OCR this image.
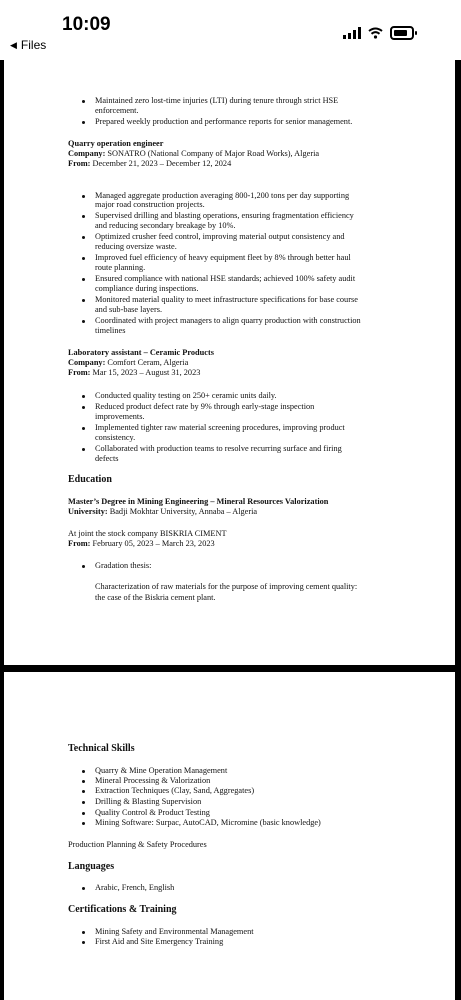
10:09
◀ Files
Maintained zero lost-time injuries (LTI) during tenure through strict HSE
enforcement.
Prepared weekly production and performance reports for senior management.
Quarry operation engineer
Company: SONATRO (National Company of Major Road Works), Algeria
From: December 21, 2023 – December 12, 2024
Managed aggregate production averaging 800-1,200 tons per day supporting
major road construction projects.
Supervised drilling and blasting operations, ensuring fragmentation efficiency
and reducing secondary breakage by 10%.
Optimized crusher feed control, improving material output consistency and
reducing oversize waste.
Improved fuel efficiency of heavy equipment fleet by 8% through better haul
route planning.
Ensured compliance with national HSE standards; achieved 100% safety audit
compliance during inspections.
Monitored material quality to meet infrastructure specifications for base course
and sub-base layers.
Coordinated with project managers to align quarry production with construction
timelines
Laboratory assistant – Ceramic Products
Company: Comfort Ceram, Algeria
From: Mar 15, 2023 – August 31, 2023
Conducted quality testing on 250+ ceramic units daily.
Reduced product defect rate by 9% through early-stage inspection
improvements.
Implemented tighter raw material screening procedures, improving product
consistency.
Collaborated with production teams to resolve recurring surface and firing
defects
Education
Master’s Degree in Mining Engineering – Mineral Resources Valorization
University: Badji Mokhtar University, Annaba – Algeria
At joint the stock company BISKRIA CIMENT
From: February 05, 2023 – March 23, 2023
Gradation thesis:
Characterization of raw materials for the purpose of improving cement quality:
the case of the Biskria cement plant.
Technical Skills
Quarry & Mine Operation Management
Mineral Processing & Valorization
Extraction Techniques (Clay, Sand, Aggregates)
Drilling & Blasting Supervision
Quality Control & Product Testing
Mining Software: Surpac, AutoCAD, Micromine (basic knowledge)
Production Planning & Safety Procedures
Languages
Arabic, French, English
Certifications & Training
Mining Safety and Environmental Management
First Aid and Site Emergency Training
